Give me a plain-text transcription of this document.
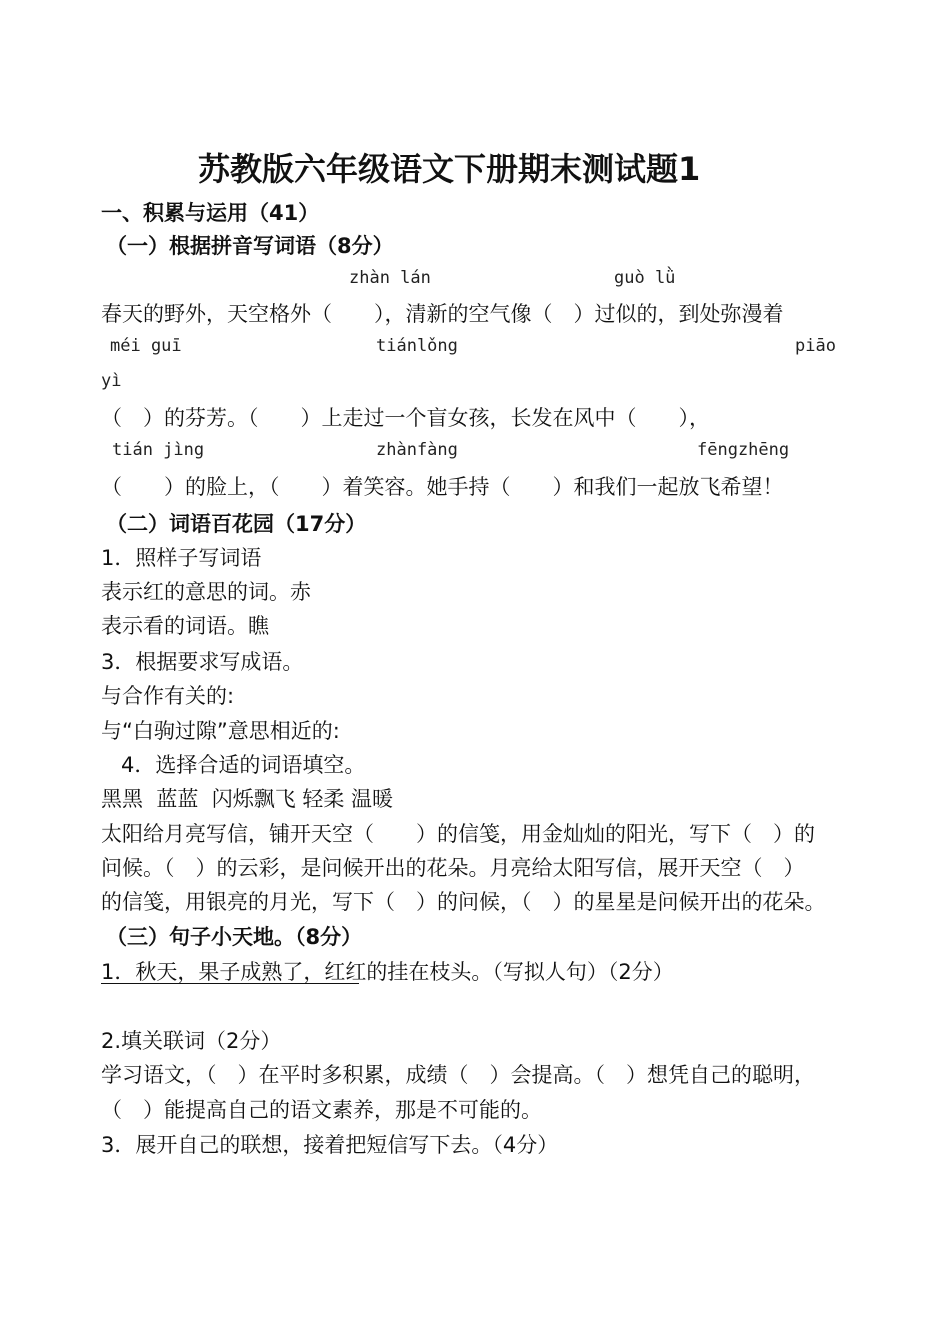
苏教版六年级语文下册期末测试题1
一、积累与运用（41）
（一）根据拼音写词语（8分）
zhàn lán	guò lǜ
春天的野外，天空格外（　　），清新的空气像（　）过似的，到处弥漫着
méi guī	tiánlǒng	piāo
yì
（　）的芬芳。（　　）上走过一个盲女孩，长发在风中（　　），
tián jìng	zhànfàng	fēngzhēng
（　　）的脸上，（　　）着笑容。她手持（　　）和我们一起放飞希望！
（二）词语百花园（17分）
1．照样子写词语
表示红的意思的词。赤
表示看的词语。瞧
3．根据要求写成语。
与合作有关的:
与“白驹过隙”意思相近的:
4．选择合适的词语填空。
黑黑  蓝蓝  闪烁飘飞 轻柔 温暖
太阳给月亮写信，铺开天空（　　）的信笺，用金灿灿的阳光，写下（　）的
问候。（　）的云彩，是问候开出的花朵。月亮给太阳写信，展开天空（　）
的信笺，用银亮的月光，写下（　）的问候，（　）的星星是问候开出的花朵。
（三）句子小天地。（8分）
1．秋天，果子成熟了，红红的挂在枝头。（写拟人句）（2分）
2.填关联词（2分）
学习语文，（　）在平时多积累，成绩（　）会提高。（　）想凭自己的聪明，
（　）能提高自己的语文素养，那是不可能的。
3．展开自己的联想，接着把短信写下去。（4分）
